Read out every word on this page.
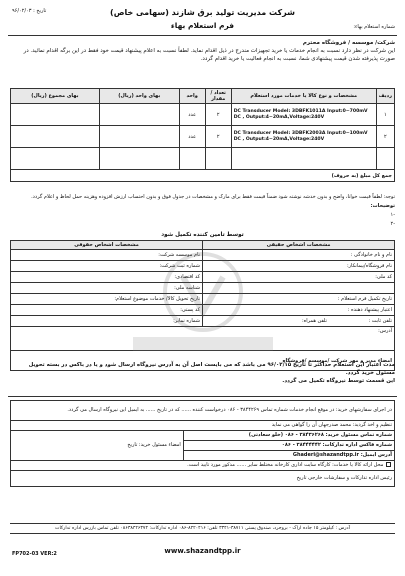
تاریخ : ۹۶/۰۲/۰۳	شرکت مدیریت تولید برق شازند (سهامی خاص)
فرم استعلام بهاء	شماره استعلام بهاء:
شرکت/ موسسه / فروشگاه محترم
این شرکت در نظر دارد نسبت به انجام خدمات یا خرید تجهیزات مندرج در ذیل اقدام نماید. لطفاً نسبت به اعلام پیشنهاد قیمت خود فقط در این برگه اقدام نمائید. در صورت پذیرفته شدن قیمت پیشنهادی شما، نسبت به انجام فعالیت یا خرید اقدام گردد.
ردیف	مشخصات و نوع کالا یا خدمات مورد استعلام	تعداد / مقدار	واحد	بهای واحد (ریال)	بهای مجموع (ریال)
۱	DC Transducer Model: 3DBFK1011A Input:0~700mV DC , Output:4~20mA,Voltage:240V	۲	عدد		
۲	DC Transducer Model: 3DBFK2003A Input:0~100mV DC , Output:4~20mA,Voltage:240V	۲	عدد		

جمع کل مبلغ (به حروف)					
توجه: لطفاً قیمت خوانا، واضح و بدون خدشه نوشته شود ضمناً قیمت فقط برای مارک و مشخصات در جدول فوق و بدون احتساب ارزش افزوده وهزینه حمل لحاظ و اعلام گردد.
توضیحات:
-۱
-۲
توسط تامین کننده تکمیل شود
مشخصات اشخاص حقیقی	مشخصات اشخاص حقوقی
نام و نام خانوادگی :	نام موسسه شرکت:
نام فروشگاه/پیمانکار:	شماره ثبت شرکت:
کد ملی:	کد اقتصادی:
	شناسه ملی:
تاریخ تکمیل فرم استعلام :	تاریخ تحویل کالا/ خدمات موضوع استعلام:
اعتبار پیشنهاد دهنده :	کد پستی:
تلفن ثابت : تلفن همراه:	شماره نمابر:
آدرس:	
امضاء مدیر و مهر شرکت /موسسه /فروشگاه	
مدت اعتبار این استعلام حداکثر تا تاریخ ۹۶/۰۲/۱۵ می باشد که می بایست اصل آن به آدرس نیروگاه ارسال شود و یا در باکس در بسته تحویل مسئول خرید گردد.
این قسمت توسط نیروگاه تکمیل می گردد.
در اجرای سفارشهای خرید: در موقع انجام خدمات شماره تماس ۳۸۴۴۲۶۹ - ۰۸۶ درخواست کننده ...... که در تاریخ ...... به ایمیل این نیروگاه ارسال می گردد.
تنظیم و اخذ گردید: محمد صدرجهان آن را گواهی می نماید
شماره تماس مسئول خرید: ۳۸۴۳۶۲۶۸ - ۰۸۶ (خلو سعادتی)	امضاء مسئول خرید: تاریخ
شماره فاکس اداره تدارکات: ۳۸۴۴۴۴۴۲ - ۰۸۶
آدرس ایمیل: Ghaderi@shazandtpp.ir
محل ارائه کالا یا خدمات: کارگاه سایت اداری کارخانه مختلط سایر ...... مذکور مورد تایید است.
رئیس اداره تدارکات و سفارشات خارجی تاریخ
آدرس : کیلومتر ۱۵ جاده اراک - بروجرد، صندوق پستی ۳۸۷۱۱-۳۳۴۱ تلفن: ۸۴۲۰۴۱۶-۰۸۶ اداره تدارکات: ۰۸۶۳۸۴۴۶۳۷۲ تلفن تماس بازرس اداره تدارکات
www.shazandtpp.ir
FP702-03 VER:2
